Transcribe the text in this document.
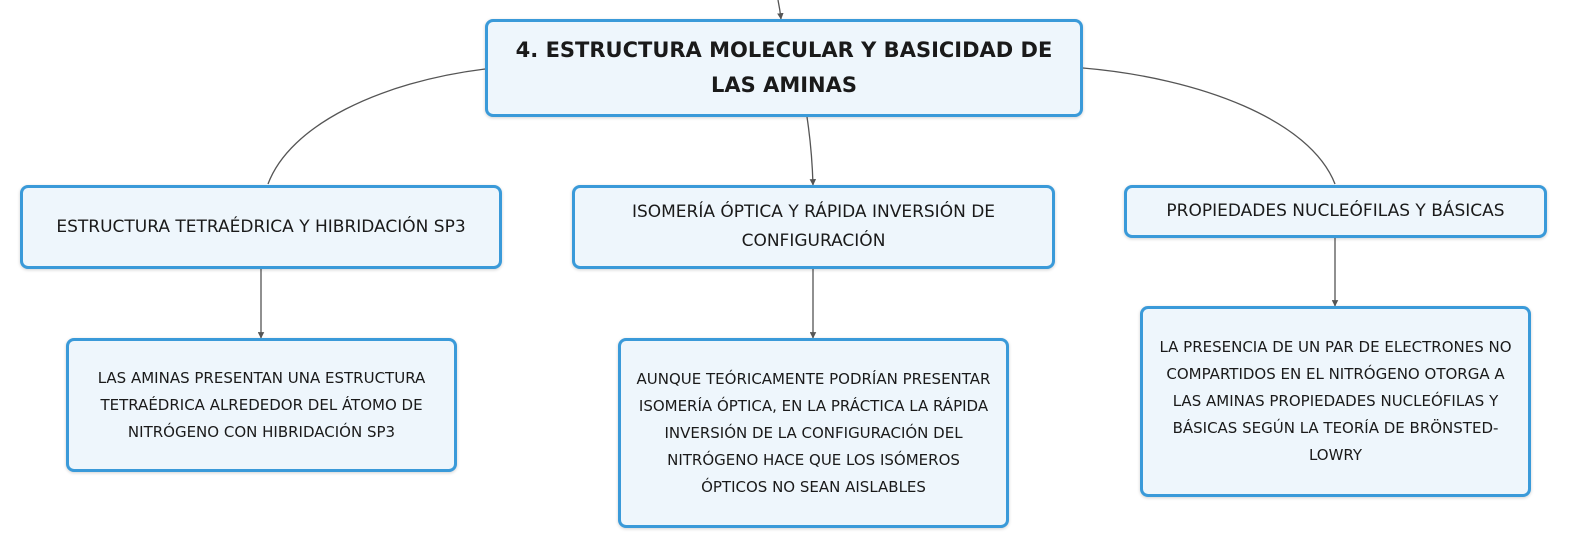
4. ESTRUCTURA MOLECULAR Y BASICIDAD DE LAS AMINAS
ESTRUCTURA TETRAÉDRICA Y HIBRIDACIÓN SP3
ISOMERÍA ÓPTICA Y RÁPIDA INVERSIÓN DE CONFIGURACIÓN
PROPIEDADES NUCLEÓFILAS Y BÁSICAS
LAS AMINAS PRESENTAN UNA ESTRUCTURA TETRAÉDRICA ALREDEDOR DEL ÁTOMO DE NITRÓGENO CON HIBRIDACIÓN SP3
AUNQUE TEÓRICAMENTE PODRÍAN PRESENTAR ISOMERÍA ÓPTICA, EN LA PRÁCTICA LA RÁPIDA INVERSIÓN DE LA CONFIGURACIÓN DEL NITRÓGENO HACE QUE LOS ISÓMEROS ÓPTICOS NO SEAN AISLABLES
LA PRESENCIA DE UN PAR DE ELECTRONES NO COMPARTIDOS EN EL NITRÓGENO OTORGA A LAS AMINAS PROPIEDADES NUCLEÓFILAS Y BÁSICAS SEGÚN LA TEORÍA DE BRÖNSTED-LOWRY
